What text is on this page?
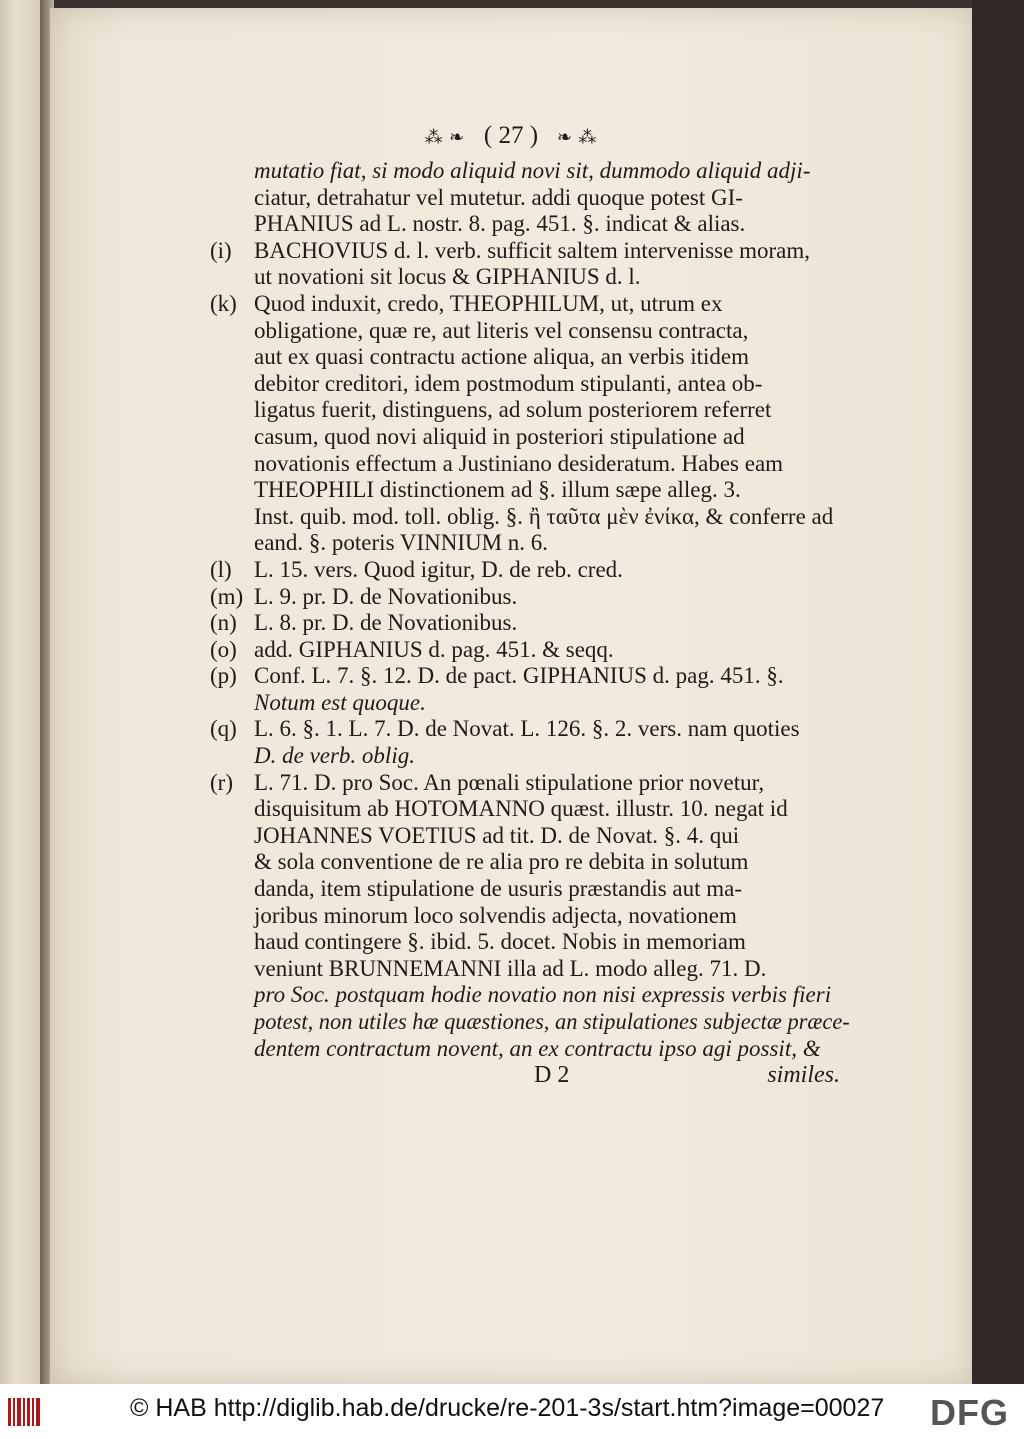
⁂ ❧ ( 27 ) ❧ ⁂
mutatio fiat, si modo aliquid novi sit, dummodo aliquid adji-
ciatur, detrahatur vel mutetur. addi quoque potest GI-
PHANIUS ad L. nostr. 8. pag. 451. §. indicat & alias.
(i) BACHOVIUS d. l. verb. sufficit saltem intervenisse moram,
ut novationi sit locus & GIPHANIUS d. l.
(k) Quod induxit, credo, THEOPHILUM, ut, utrum ex
obligatione, quæ re, aut literis vel consensu contracta,
aut ex quasi contractu actione aliqua, an verbis itidem
debitor creditori, idem postmodum stipulanti, antea ob-
ligatus fuerit, distinguens, ad solum posteriorem referret
casum, quod novi aliquid in posteriori stipulatione ad
novationis effectum a Justiniano desideratum. Habes eam
THEOPHILI distinctionem ad §. illum sæpe alleg. 3.
Inst. quib. mod. toll. oblig. §. ἢ ταῦτα μὲν ἐνίκα, & conferre ad
eand. §. poteris VINNIUM n. 6.
(l) L. 15. vers. Quod igitur, D. de reb. cred.
(m) L. 9. pr. D. de Novationibus.
(n) L. 8. pr. D. de Novationibus.
(o) add. GIPHANIUS d. pag. 451. & seqq.
(p) Conf. L. 7. §. 12. D. de pact. GIPHANIUS d. pag. 451. §.
Notum est quoque.
(q) L. 6. §. 1. L. 7. D. de Novat. L. 126. §. 2. vers. nam quoties
D. de verb. oblig.
(r) L. 71. D. pro Soc. An pœnali stipulatione prior novetur,
disquisitum ab HOTOMANNO quæst. illustr. 10. negat id
JOHANNES VOETIUS ad tit. D. de Novat. §. 4. qui
& sola conventione de re alia pro re debita in solutum
danda, item stipulatione de usuris præstandis aut ma-
joribus minorum loco solvendis adjecta, novationem
haud contingere §. ibid. 5. docet. Nobis in memoriam
veniunt BRUNNEMANNI illa ad L. modo alleg. 71. D.
pro Soc. postquam hodie novatio non nisi expressis verbis fieri
potest, non utiles hæ quæstiones, an stipulationes subjectæ præce-
dentem contractum novent, an ex contractu ipso agi possit, &
D 2	similes.
© HAB http://diglib.hab.de/drucke/re-201-3s/start.htm?image=00027 DFG
